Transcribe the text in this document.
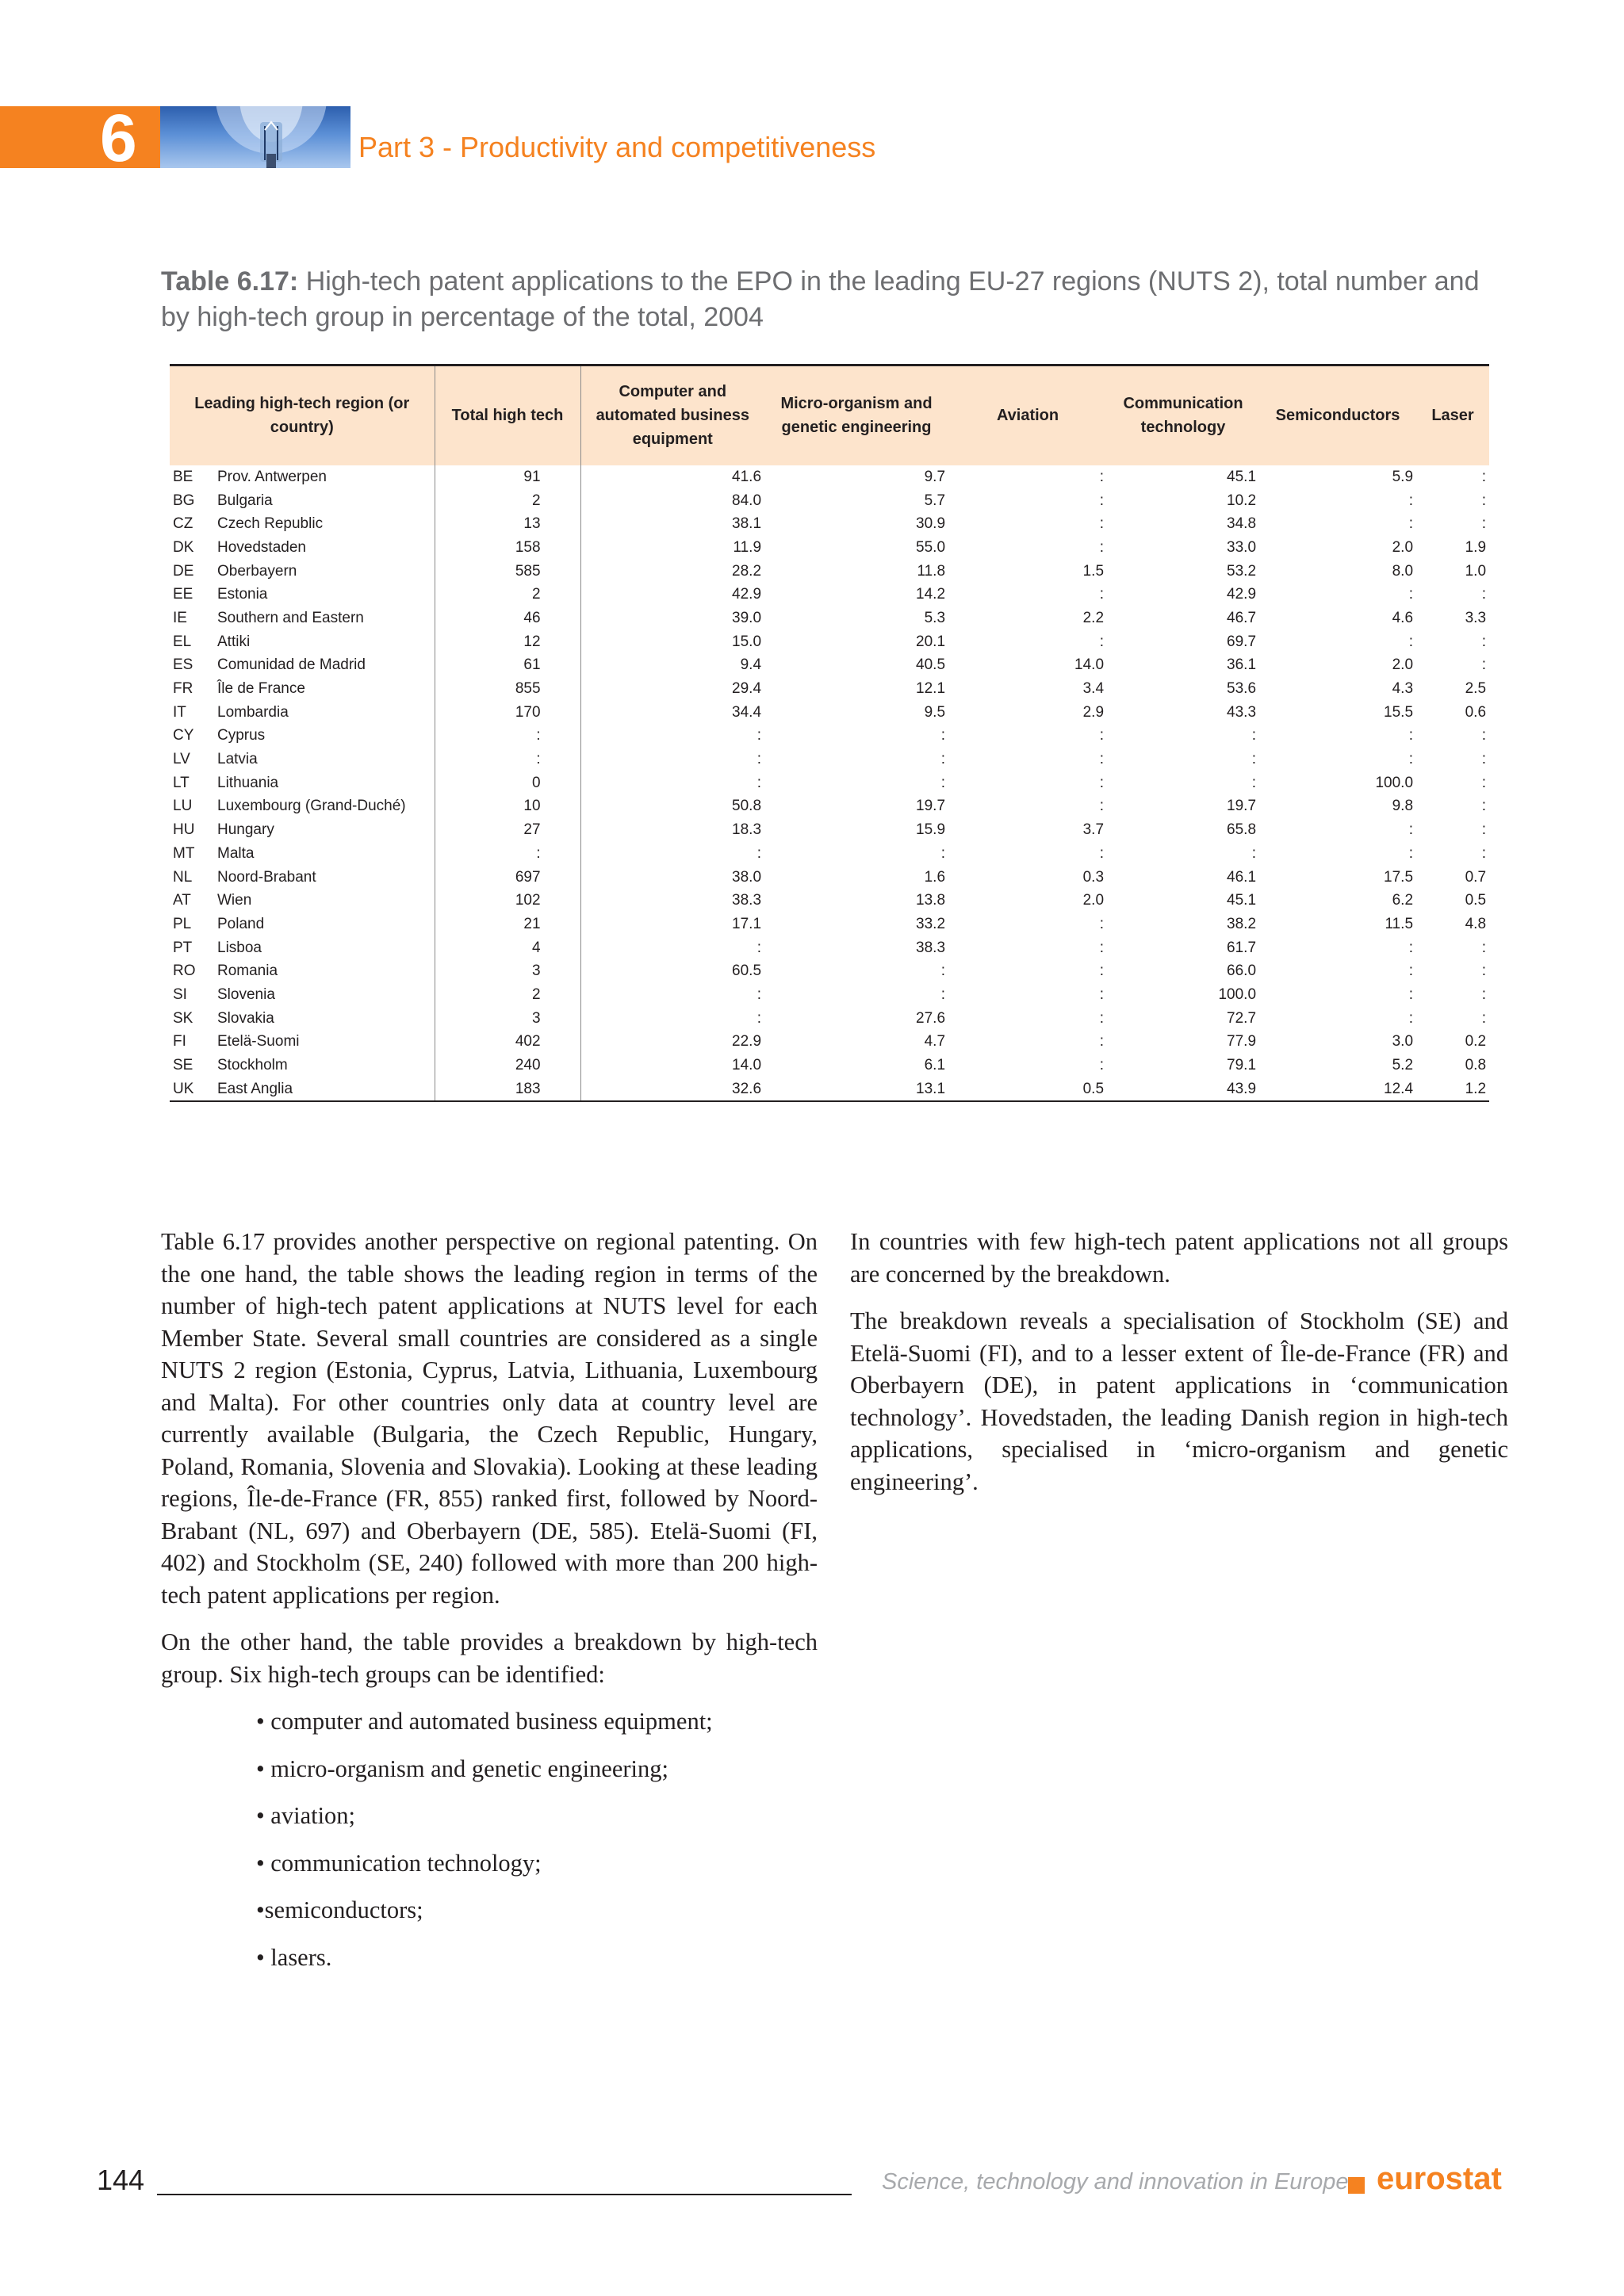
6	Part 3 - Productivity and competitiveness
Table 6.17: High-tech patent applications to the EPO in the leading EU-27 regions (NUTS 2), total number and by high-tech group in percentage of the total, 2004
Leading high-tech region (or country)		Total high tech	Computer and automated business equipment	Micro-organism and genetic engineering	Aviation	Communication technology	Semiconductors	Laser
BE	Prov. Antwerpen	91	41.6	9.7	:	45.1	5.9	:
BG	Bulgaria	2	84.0	5.7	:	10.2	:	:
CZ	Czech Republic	13	38.1	30.9	:	34.8	:	:
DK	Hovedstaden	158	11.9	55.0	:	33.0	2.0	1.9
DE	Oberbayern	585	28.2	11.8	1.5	53.2	8.0	1.0
EE	Estonia	2	42.9	14.2	:	42.9	:	:
IE	Southern and Eastern	46	39.0	5.3	2.2	46.7	4.6	3.3
EL	Attiki	12	15.0	20.1	:	69.7	:	:
ES	Comunidad de Madrid	61	9.4	40.5	14.0	36.1	2.0	:
FR	Île de France	855	29.4	12.1	3.4	53.6	4.3	2.5
IT	Lombardia	170	34.4	9.5	2.9	43.3	15.5	0.6
CY	Cyprus	:	:	:	:	:	:	:
LV	Latvia	:	:	:	:	:	:	:
LT	Lithuania	0	:	:	:	:	100.0	:
LU	Luxembourg (Grand-Duché)	10	50.8	19.7	:	19.7	9.8	:
HU	Hungary	27	18.3	15.9	3.7	65.8	:	:
MT	Malta	:	:	:	:	:	:	:
NL	Noord-Brabant	697	38.0	1.6	0.3	46.1	17.5	0.7
AT	Wien	102	38.3	13.8	2.0	45.1	6.2	0.5
PL	Poland	21	17.1	33.2	:	38.2	11.5	4.8
PT	Lisboa	4	:	38.3	:	61.7	:	:
RO	Romania	3	60.5	:	:	66.0	:	:
SI	Slovenia	2	:	:	:	100.0	:	:
SK	Slovakia	3	:	27.6	:	72.7	:	:
FI	Etelä-Suomi	402	22.9	4.7	:	77.9	3.0	0.2
SE	Stockholm	240	14.0	6.1	:	79.1	5.2	0.8
UK	East Anglia	183	32.6	13.1	0.5	43.9	12.4	1.2

Table 6.17 provides another perspective on regional patenting. On the one hand, the table shows the leading region in terms of the number of high-tech patent applications at NUTS level for each Member State. Several small countries are considered as a single NUTS 2 region (Estonia, Cyprus, Latvia, Lithuania, Luxembourg and Malta). For other countries only data at country level are currently available (Bulgaria, the Czech Republic, Hungary, Poland, Romania, Slovenia and Slovakia). Looking at these leading regions, Île-de-France (FR, 855) ranked first, followed by Noord-Brabant (NL, 697) and Oberbayern (DE, 585). Etelä-Suomi (FI, 402) and Stockholm (SE, 240) followed with more than 200 high-tech patent applications per region.

On the other hand, the table provides a breakdown by high-tech group. Six high-tech groups can be identified:

• computer and automated business equipment;
• micro-organism and genetic engineering;
• aviation;
• communication technology;
•semiconductors;
• lasers.

In countries with few high-tech patent applications not all groups are concerned by the breakdown.

The breakdown reveals a specialisation of Stockholm (SE) and Etelä-Suomi (FI), and to a lesser extent of Île-de-France (FR) and Oberbayern (DE), in patent applications in ‘communication technology’. Hovedstaden, the leading Danish region in high-tech applications, specialised in ‘micro-organism and genetic engineering’.

144	Science, technology and innovation in Europe eurostat
